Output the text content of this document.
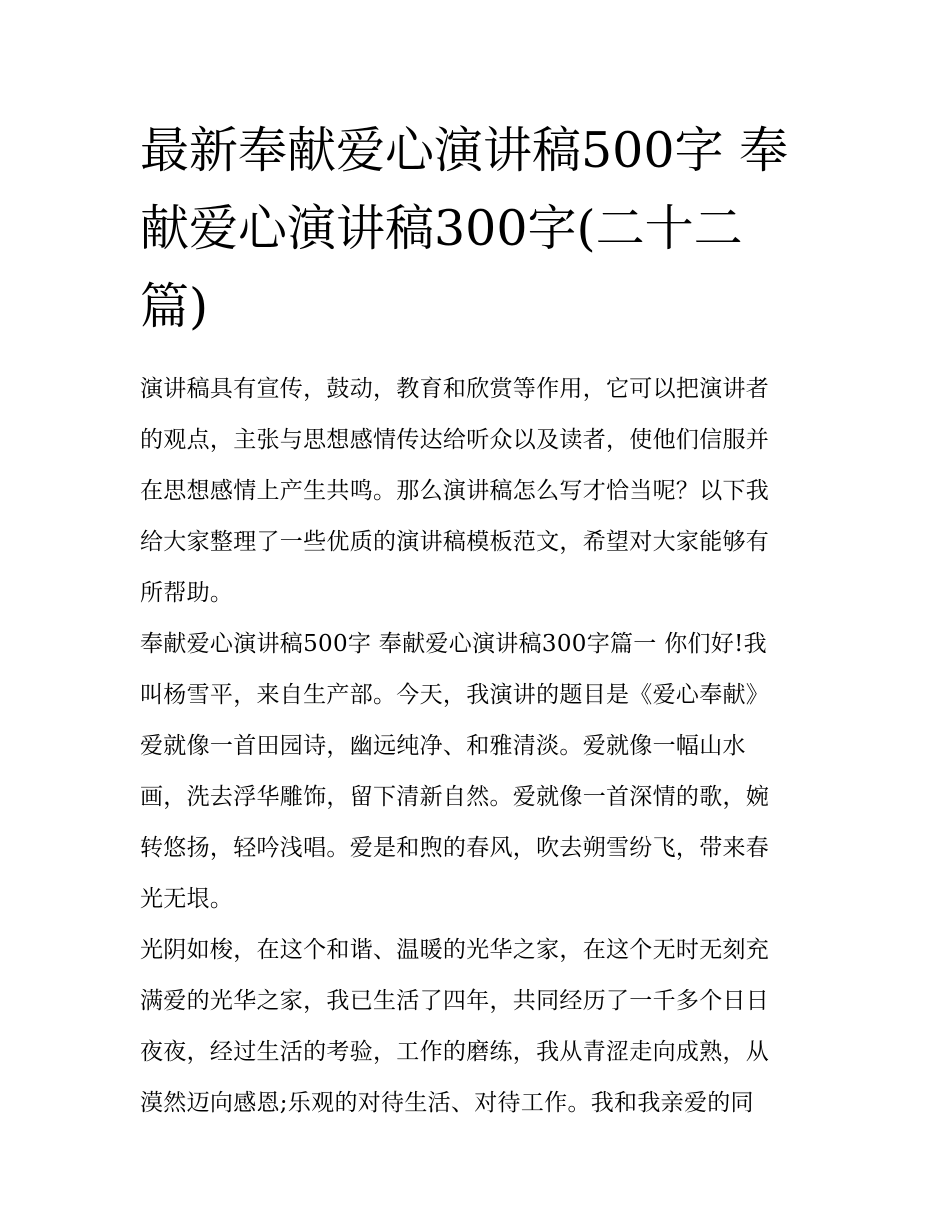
最新奉献爱心演讲稿500字 奉
献爱心演讲稿300字(二十二
篇)

演讲稿具有宣传，鼓动，教育和欣赏等作用，它可以把演讲者
的观点，主张与思想感情传达给听众以及读者，使他们信服并
在思想感情上产生共鸣。那么演讲稿怎么写才恰当呢？以下我
给大家整理了一些优质的演讲稿模板范文，希望对大家能够有
所帮助。

奉献爱心演讲稿500字 奉献爱心演讲稿300字篇一 你们好!我
叫杨雪平，来自生产部。今天，我演讲的题目是《爱心奉献》
爱就像一首田园诗，幽远纯净、和雅清淡。爱就像一幅山水
画，洗去浮华雕饰，留下清新自然。爱就像一首深情的歌，婉
转悠扬，轻吟浅唱。爱是和煦的春风，吹去朔雪纷飞，带来春
光无垠。

光阴如梭，在这个和谐、温暖的光华之家，在这个无时无刻充
满爱的光华之家，我已生活了四年，共同经历了一千多个日日
夜夜，经过生活的考验，工作的磨练，我从青涩走向成熟，从
漠然迈向感恩;乐观的对待生活、对待工作。我和我亲爱的同
